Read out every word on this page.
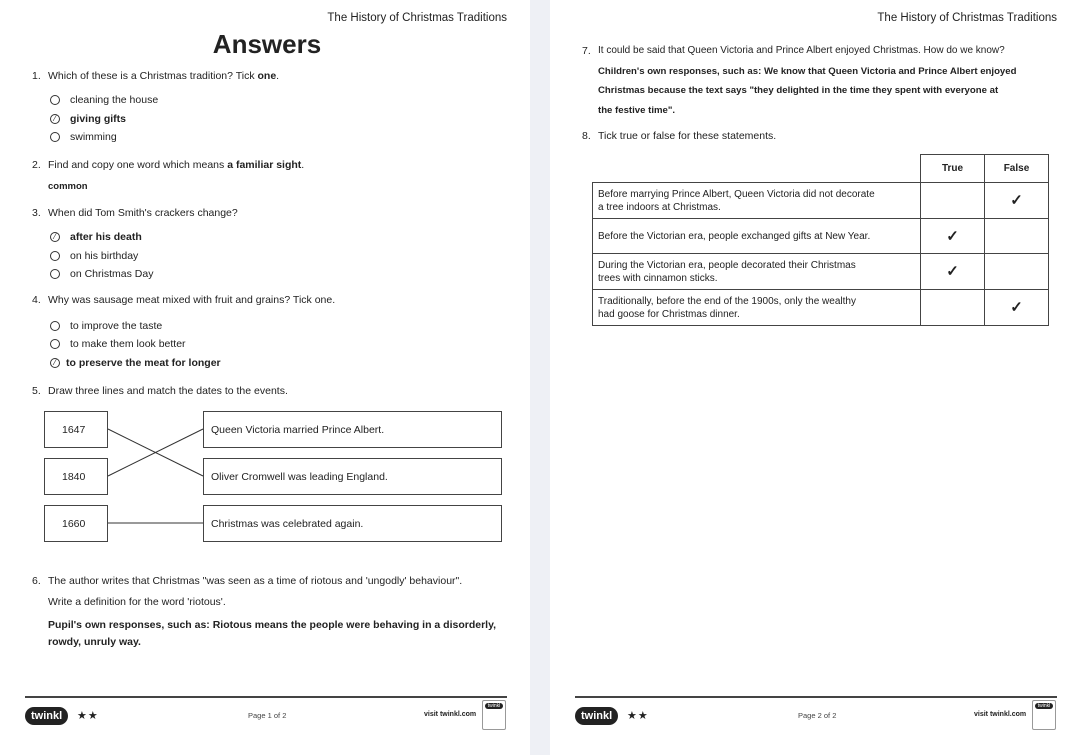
The History of Christmas Traditions
Answers
1. Which of these is a Christmas tradition? Tick one.
cleaning the house
⁄	giving gifts
swimming
2. Find and copy one word which means a familiar sight.
common
3. When did Tom Smith's crackers change?
⁄	after his death
on his birthday
on Christmas Day
4. Why was sausage meat mixed with fruit and grains? Tick one.
to improve the taste
to make them look better
⁄ to preserve the meat for longer
5. Draw three lines and match the dates to the events.
1647
1840
1660
Queen Victoria married Prince Albert.
Oliver Cromwell was leading England.
Christmas was celebrated again.
6. The author writes that Christmas "was seen as a time of riotous and 'ungodly' behaviour".
Write a definition for the word 'riotous'.
Pupil's own responses, such as: Riotous means the people were behaving in a disorderly,
rowdy, unruly way.
twinkl	★★	Page 1 of 2	visit twinkl.com
twinkl
The History of Christmas Traditions
7. It could be said that Queen Victoria and Prince Albert enjoyed Christmas. How do we know?
Children's own responses, such as: We know that Queen Victoria and Prince Albert enjoyed
Christmas because the text says "they delighted in the time they spent with everyone at
the festive time".
8. Tick true or false for these statements.
	True	False

Before marrying Prince Albert, Queen Victoria did not decorate
a tree indoors at Christmas.		✓

Before the Victorian era, people exchanged gifts at New Year.	✓	

During the Victorian era, people decorated their Christmas
trees with cinnamon sticks.	✓	

Traditionally, before the end of the 1900s, only the wealthy
had goose for Christmas dinner.		✓
twinkl	★★	Page 2 of 2	visit twinkl.com
twinkl
